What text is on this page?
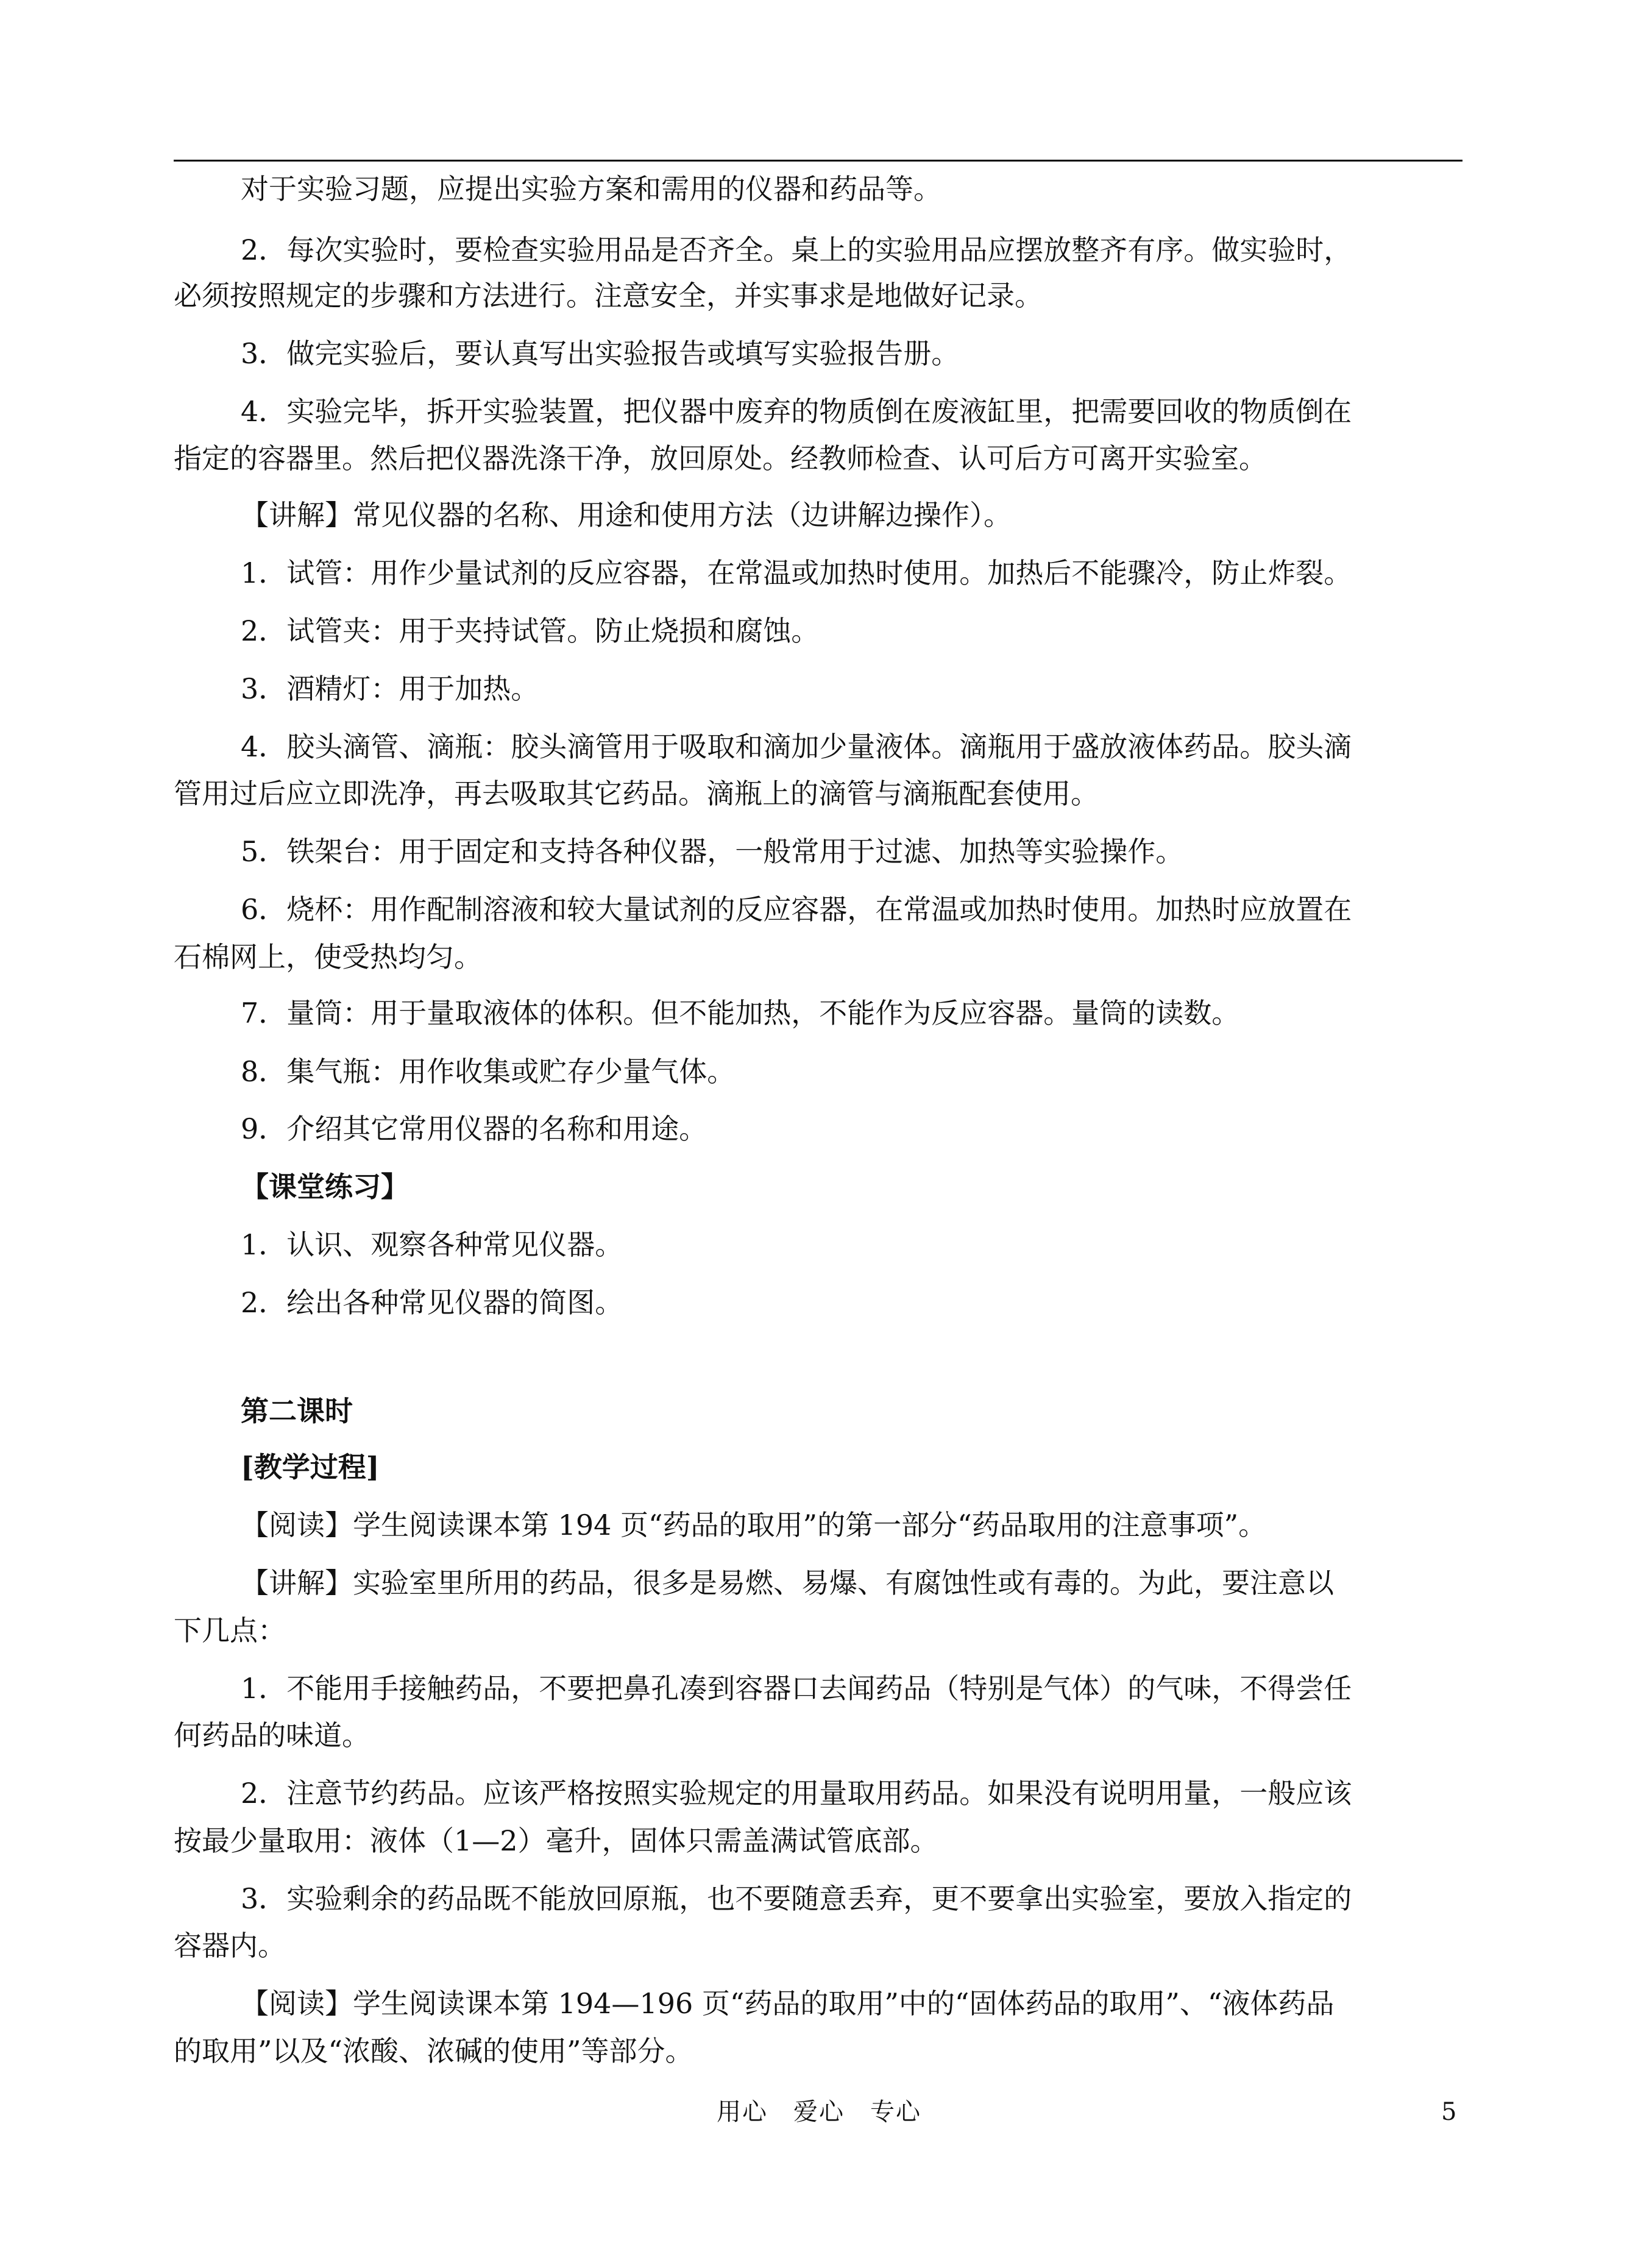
对于实验习题，应提出实验方案和需用的仪器和药品等。
2．每次实验时，要检查实验用品是否齐全。桌上的实验用品应摆放整齐有序。做实验时，
必须按照规定的步骤和方法进行。注意安全，并实事求是地做好记录。
3．做完实验后，要认真写出实验报告或填写实验报告册。
4．实验完毕，拆开实验装置，把仪器中废弃的物质倒在废液缸里，把需要回收的物质倒在
指定的容器里。然后把仪器洗涤干净，放回原处。经教师检查、认可后方可离开实验室。
【讲解】常见仪器的名称、用途和使用方法（边讲解边操作）。
1．试管：用作少量试剂的反应容器，在常温或加热时使用。加热后不能骤冷，防止炸裂。
2．试管夹：用于夹持试管。防止烧损和腐蚀。
3．酒精灯：用于加热。
4．胶头滴管、滴瓶：胶头滴管用于吸取和滴加少量液体。滴瓶用于盛放液体药品。胶头滴
管用过后应立即洗净，再去吸取其它药品。滴瓶上的滴管与滴瓶配套使用。
5．铁架台：用于固定和支持各种仪器，一般常用于过滤、加热等实验操作。
6．烧杯：用作配制溶液和较大量试剂的反应容器，在常温或加热时使用。加热时应放置在
石棉网上，使受热均匀。
7．量筒：用于量取液体的体积。但不能加热，不能作为反应容器。量筒的读数。
8．集气瓶：用作收集或贮存少量气体。
9．介绍其它常用仪器的名称和用途。
【课堂练习】
1．认识、观察各种常见仪器。
2．绘出各种常见仪器的简图。
第二课时
[教学过程]
【阅读】学生阅读课本第 194 页“药品的取用”的第一部分“药品取用的注意事项”。
【讲解】实验室里所用的药品，很多是易燃、易爆、有腐蚀性或有毒的。为此，要注意以
下几点：
1．不能用手接触药品，不要把鼻孔凑到容器口去闻药品（特别是气体）的气味，不得尝任
何药品的味道。
2．注意节约药品。应该严格按照实验规定的用量取用药品。如果没有说明用量，一般应该
按最少量取用：液体（1—2）毫升，固体只需盖满试管底部。
3．实验剩余的药品既不能放回原瓶，也不要随意丢弃，更不要拿出实验室，要放入指定的
容器内。
【阅读】学生阅读课本第 194—196 页“药品的取用”中的“固体药品的取用”、“液体药品
的取用”以及“浓酸、浓碱的使用”等部分。
用心　爱心　专心	5
